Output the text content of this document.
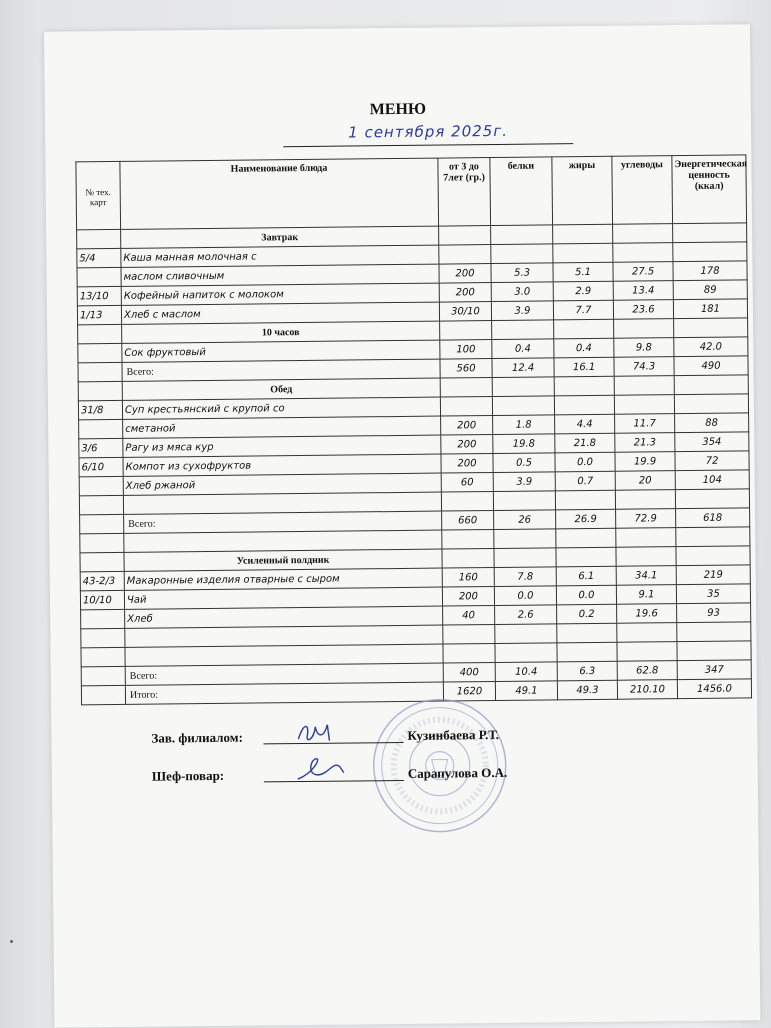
МЕНЮ
1 сентября 2025г.
№ тех. карт	Наименование блюда	от 3 до 7лет (гр.)	белки	жиры	углеводы	Энергетическая ценность (ккал)
	Завтрак					
5/4	Каша манная молочная с					
	маслом сливочным	200	5.3	5.1	27.5	178
13/10	Кофейный напиток с молоком	200	3.0	2.9	13.4	89
1/13	Хлеб с маслом	30/10	3.9	7.7	23.6	181
	10 часов					
	Сок фруктовый	100	0.4	0.4	9.8	42.0
	Всего:	560	12.4	16.1	74.3	490
	Обед					
31/8	Суп крестьянский с крупой со					
	сметаной	200	1.8	4.4	11.7	88
3/6	Рагу из мяса кур	200	19.8	21.8	21.3	354
6/10	Компот из сухофруктов	200	0.5	0.0	19.9	72
	Хлеб ржаной	60	3.9	0.7	20	104

	Всего:	660	26	26.9	72.9	618

	Усиленный полдник					
43-2/3	Макаронные изделия отварные с сыром	160	7.8	6.1	34.1	219
10/10	Чай	200	0.0	0.0	9.1	35
	Хлеб	40	2.6	0.2	19.6	93

	Всего:	400	10.4	6.3	62.8	347
	Итого:	1620	49.1	49.3	210.10	1456.0
Зав. филиалом:	Кузинбаева Р.Т.
Шеф-повар:	Сарапулова О.А.
